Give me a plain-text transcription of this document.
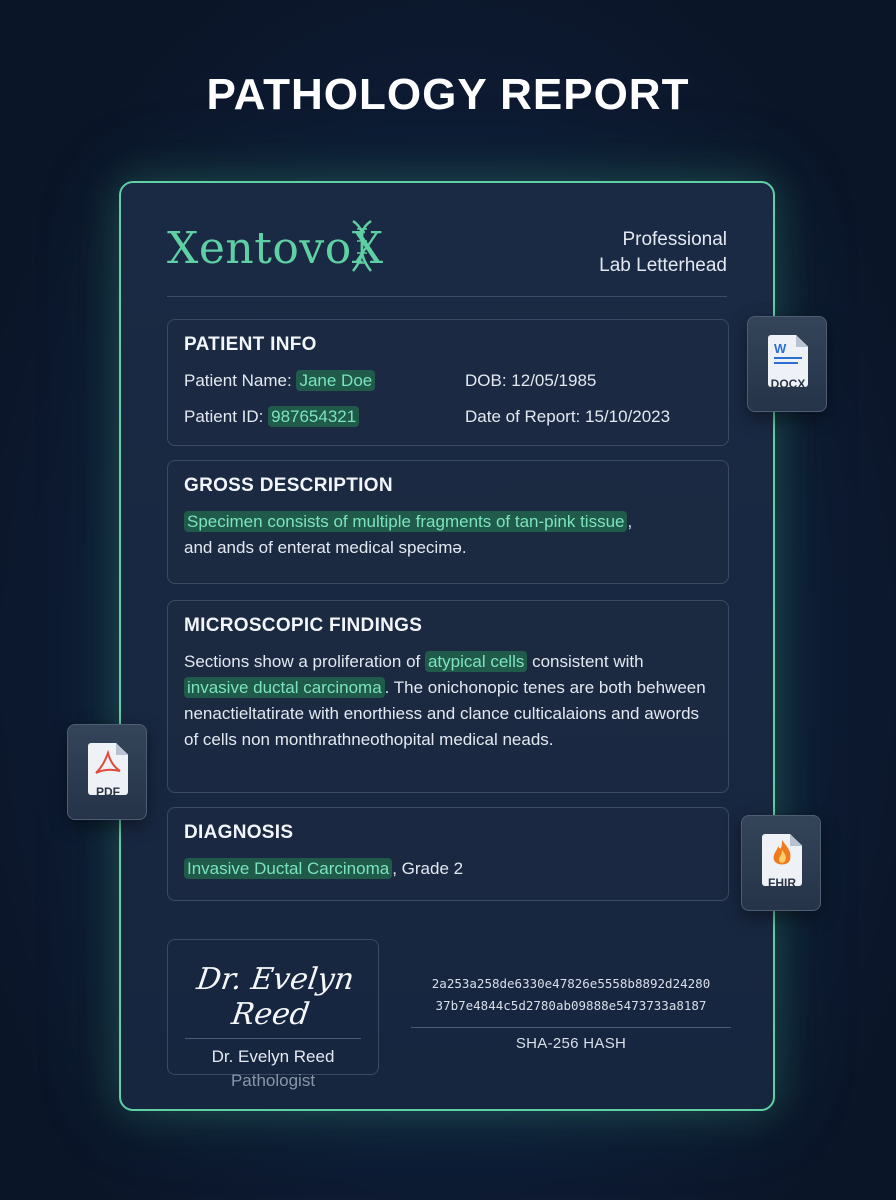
PATHOLOGY REPORT
XentovoX	Professional
Lab Letterhead
PATIENT INFO
Patient Name: Jane Doe	DOB: 12/05/1985
Patient ID: 987654321	Date of Report: 15/10/2023
GROSS DESCRIPTION
Specimen consists of multiple fragments of tan-pink tissue ,
and ands of enterat medical specimə.
MICROSCOPIC FINDINGS
Sections show a proliferation of atypical cells consistent with invasive ductal carcinoma . The onichonopic tenes are both behween nenactieltatirate with enorthiess and clance culticalaions and awords of cells non monthrathneothopital medical neads.
DIAGNOSIS
Invasive Ductal Carcinoma , Grade 2
Dr. Evelyn Reed
Dr. Evelyn Reed
Pathologist
2a253a258de6330e47826e5558b8892d24280
37b7e4844c5d2780ab09888e5473733a8187
SHA-256 HASH
W
DOCX
PDF
FHIR
